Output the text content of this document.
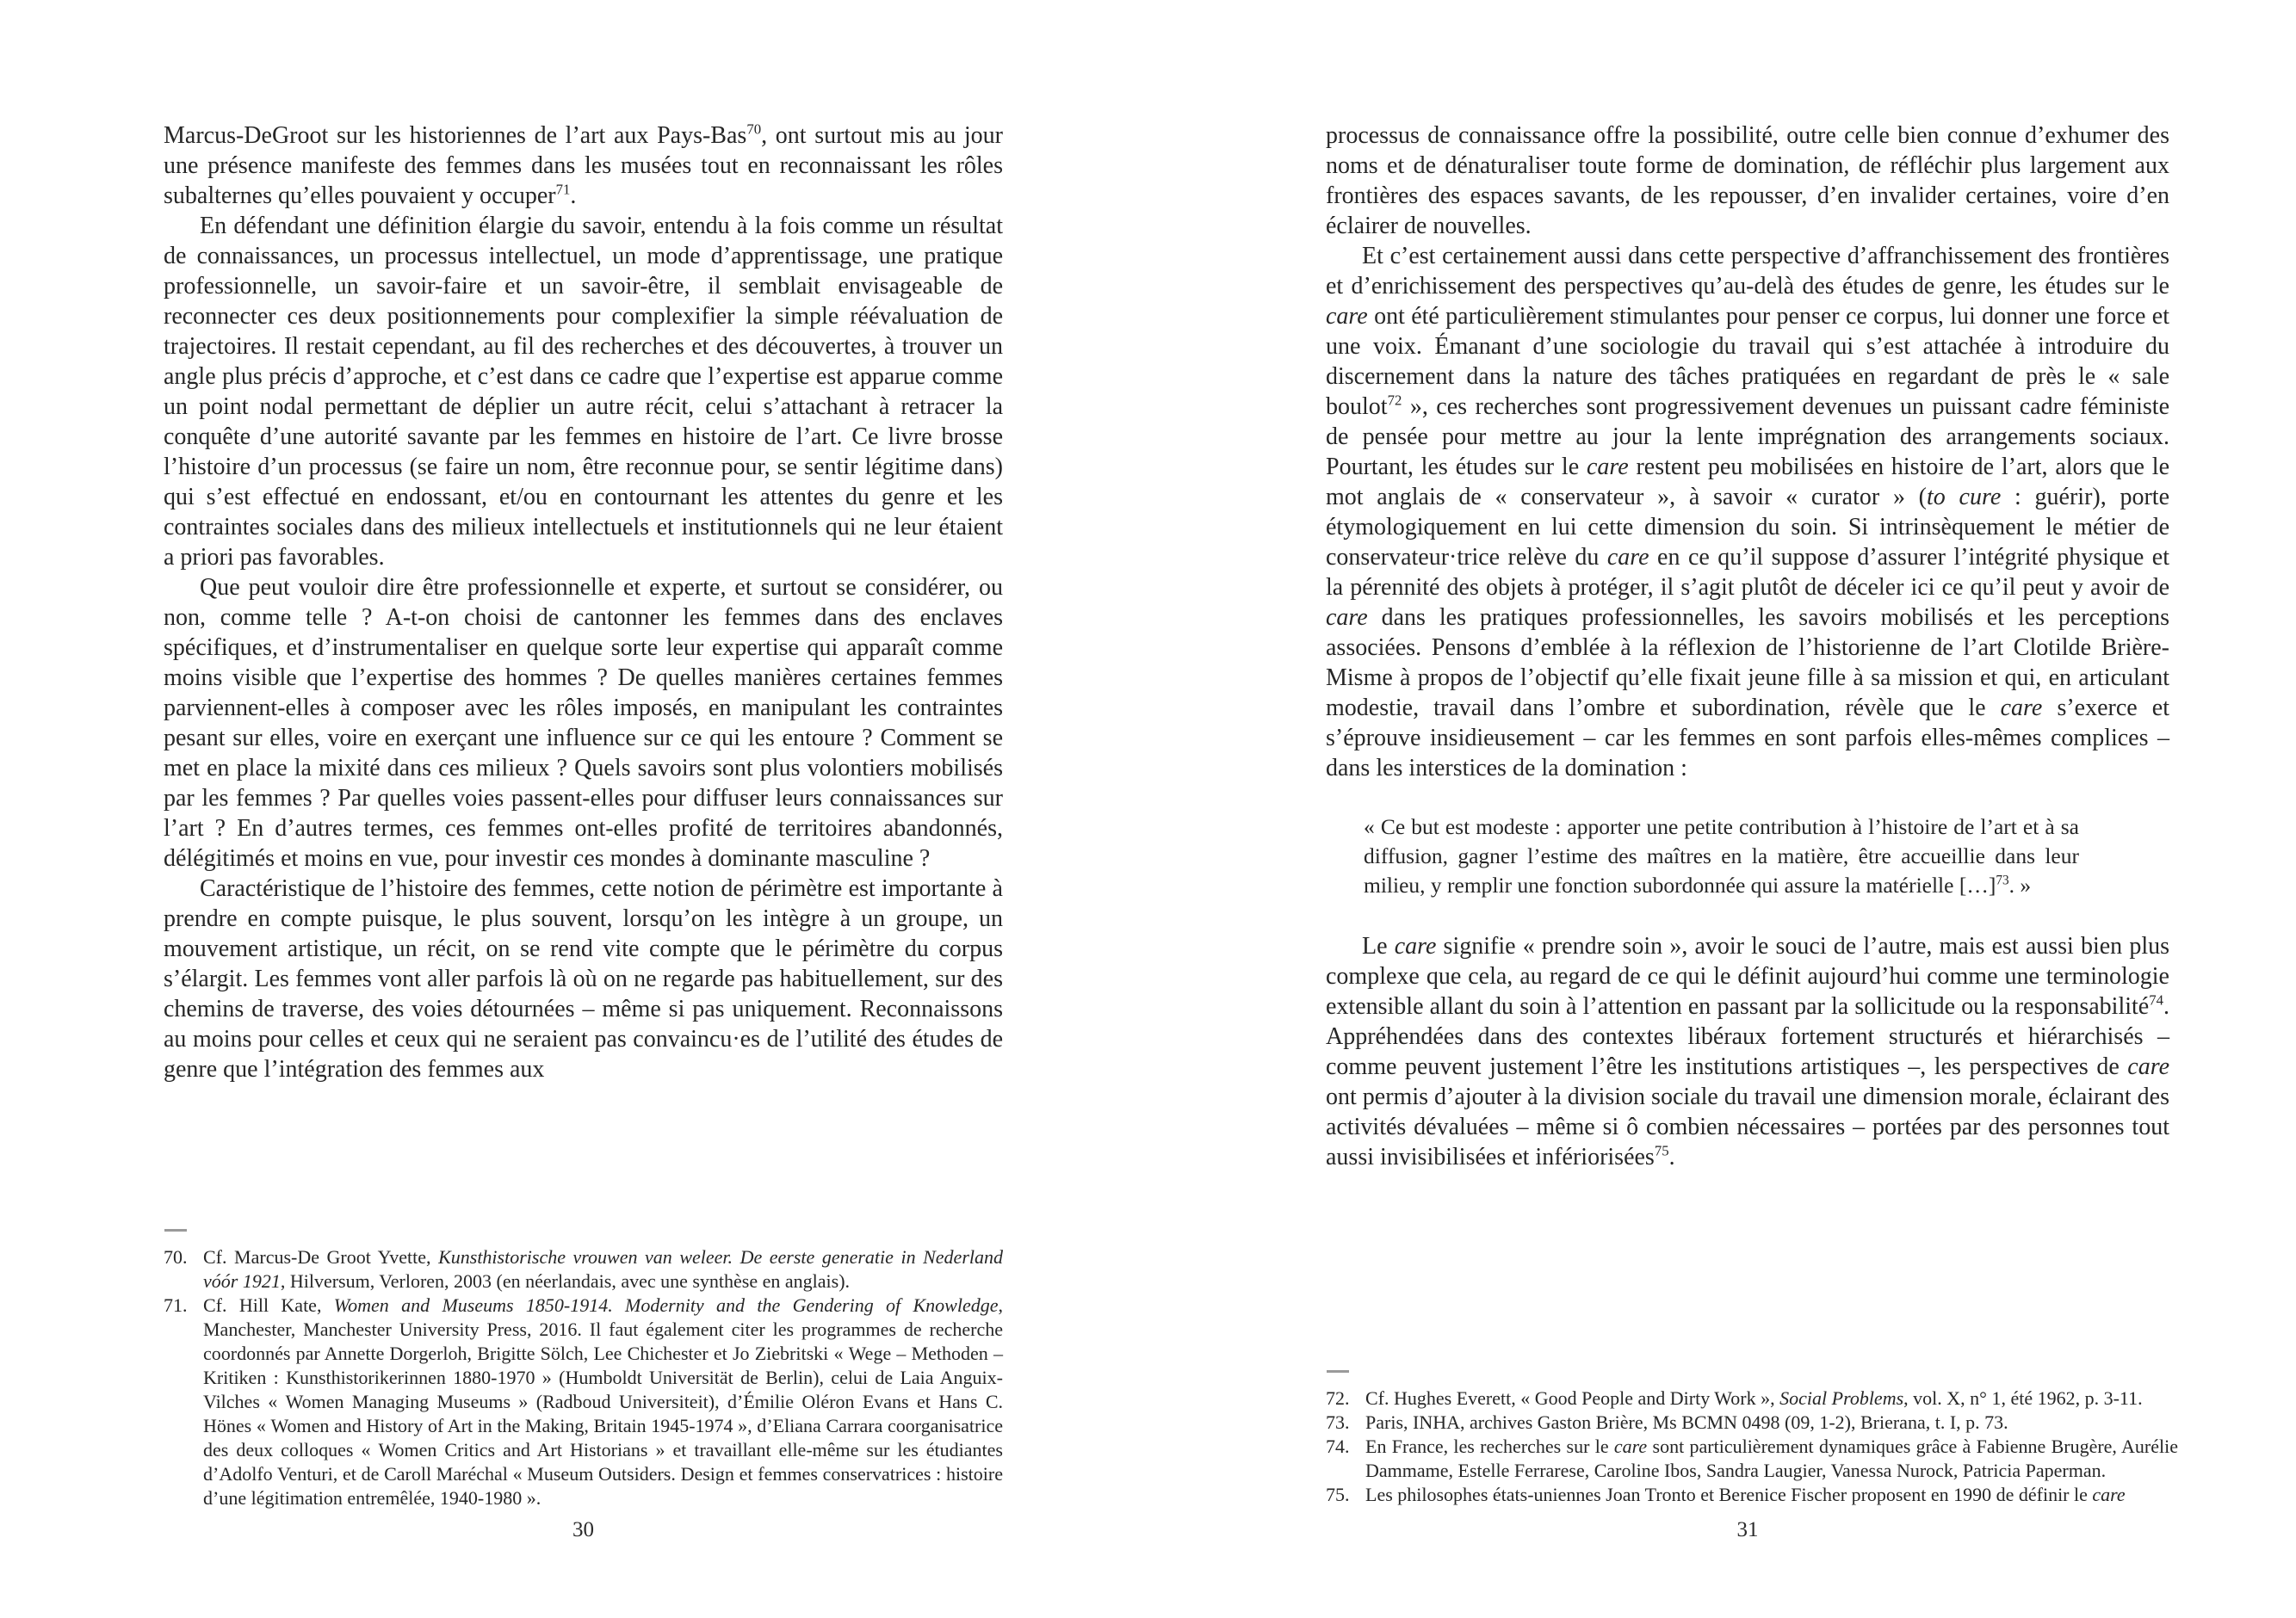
Marcus-DeGroot sur les historiennes de l’art aux Pays-Bas$^{70}$, ont surtout mis au jour une présence manifeste des femmes dans les musées tout en reconnaissant les rôles subalternes qu’elles pouvaient y occuper$^{71}$.

En défendant une définition élargie du savoir, entendu à la fois comme un résultat de connaissances, un processus intellectuel, un mode d’apprentissage, une pratique professionnelle, un savoir-faire et un savoir-être, il semblait envisageable de reconnecter ces deux positionnements pour complexifier la simple réévaluation de trajectoires. Il restait cependant, au fil des recherches et des découvertes, à trouver un angle plus précis d’approche, et c’est dans ce cadre que l’expertise est apparue comme un point nodal permettant de déplier un autre récit, celui s’attachant à retracer la conquête d’une autorité savante par les femmes en histoire de l’art. Ce livre brosse l’histoire d’un processus (se faire un nom, être reconnue pour, se sentir légitime dans) qui s’est effectué en endossant, et/ou en contournant les attentes du genre et les contraintes sociales dans des milieux intellectuels et institutionnels qui ne leur étaient a priori pas favorables.

Que peut vouloir dire être professionnelle et experte, et surtout se considérer, ou non, comme telle ? A-t-on choisi de cantonner les femmes dans des enclaves spécifiques, et d’instrumentaliser en quelque sorte leur expertise qui apparaît comme moins visible que l’expertise des hommes ? De quelles manières certaines femmes parviennent-elles à composer avec les rôles imposés, en manipulant les contraintes pesant sur elles, voire en exerçant une influence sur ce qui les entoure ? Comment se met en place la mixité dans ces milieux ? Quels savoirs sont plus volontiers mobilisés par les femmes ? Par quelles voies passent-elles pour diffuser leurs connaissances sur l’art ? En d’autres termes, ces femmes ont-elles profité de territoires abandonnés, délégitimés et moins en vue, pour investir ces mondes à dominante masculine ?

Caractéristique de l’histoire des femmes, cette notion de périmètre est importante à prendre en compte puisque, le plus souvent, lorsqu’on les intègre à un groupe, un mouvement artistique, un récit, on se rend vite compte que le périmètre du corpus s’élargit. Les femmes vont aller parfois là où on ne regarde pas habituellement, sur des chemins de traverse, des voies détournées – même si pas uniquement. Reconnaissons au moins pour celles et ceux qui ne seraient pas convaincu·es de l’utilité des études de genre que l’intégration des femmes aux

70. Cf. Marcus-De Groot Yvette, Kunsthistorische vrouwen van weleer. De eerste generatie in Nederland vóór 1921, Hilversum, Verloren, 2003 (en néerlandais, avec une synthèse en anglais).
71. Cf. Hill Kate, Women and Museums 1850-1914. Modernity and the Gendering of Knowledge, Manchester, Manchester University Press, 2016. Il faut également citer les programmes de recherche coordonnés par Annette Dorgerloh, Brigitte Sölch, Lee Chichester et Jo Ziebritski « Wege – Methoden – Kritiken : Kunsthistorikerinnen 1880-1970 » (Humboldt Universität de Berlin), celui de Laia Anguix-Vilches « Women Managing Museums » (Radboud Universiteit), d’Émilie Oléron Evans et Hans C. Hönes « Women and History of Art in the Making, Britain 1945-1974 », d’Eliana Carrara coorganisatrice des deux colloques « Women Critics and Art Historians » et travaillant elle-même sur les étudiantes d’Adolfo Venturi, et de Caroll Maréchal « Museum Outsiders. Design et femmes conservatrices : histoire d’une légitimation entremêlée, 1940-1980 ».
30

processus de connaissance offre la possibilité, outre celle bien connue d’exhumer des noms et de dénaturaliser toute forme de domination, de réfléchir plus largement aux frontières des espaces savants, de les repousser, d’en invalider certaines, voire d’en éclairer de nouvelles.

Et c’est certainement aussi dans cette perspective d’affranchissement des frontières et d’enrichissement des perspectives qu’au-delà des études de genre, les études sur le care ont été particulièrement stimulantes pour penser ce corpus, lui donner une force et une voix. Émanant d’une sociologie du travail qui s’est attachée à introduire du discernement dans la nature des tâches pratiquées en regardant de près le « sale boulot$^{72}$ », ces recherches sont progressivement devenues un puissant cadre féministe de pensée pour mettre au jour la lente imprégnation des arrangements sociaux. Pourtant, les études sur le care restent peu mobilisées en histoire de l’art, alors que le mot anglais de « conservateur », à savoir « curator » (to cure : guérir), porte étymologiquement en lui cette dimension du soin. Si intrinsèquement le métier de conservateur·trice relève du care en ce qu’il suppose d’assurer l’intégrité physique et la pérennité des objets à protéger, il s’agit plutôt de déceler ici ce qu’il peut y avoir de care dans les pratiques professionnelles, les savoirs mobilisés et les perceptions associées. Pensons d’emblée à la réflexion de l’historienne de l’art Clotilde Brière-Misme à propos de l’objectif qu’elle fixait jeune fille à sa mission et qui, en articulant modestie, travail dans l’ombre et subordination, révèle que le care s’exerce et s’éprouve insidieusement – car les femmes en sont parfois elles-mêmes complices – dans les interstices de la domination :

« Ce but est modeste : apporter une petite contribution à l’histoire de l’art et à sa diffusion, gagner l’estime des maîtres en la matière, être accueillie dans leur milieu, y remplir une fonction subordonnée qui assure la matérielle […]$^{73}$. »

Le care signifie « prendre soin », avoir le souci de l’autre, mais est aussi bien plus complexe que cela, au regard de ce qui le définit aujourd’hui comme une terminologie extensible allant du soin à l’attention en passant par la sollicitude ou la responsabilité$^{74}$. Appréhendées dans des contextes libéraux fortement structurés et hiérarchisés – comme peuvent justement l’être les institutions artistiques –, les perspectives de care ont permis d’ajouter à la division sociale du travail une dimension morale, éclairant des activités dévaluées – même si ô combien nécessaires – portées par des personnes tout aussi invisibilisées et infériorisées$^{75}$.

72. Cf. Hughes Everett, « Good People and Dirty Work », Social Problems, vol. X, n° 1, été 1962, p. 3-11.
73. Paris, INHA, archives Gaston Brière, Ms BCMN 0498 (09, 1-2), Brierana, t. I, p. 73.
74. En France, les recherches sur le care sont particulièrement dynamiques grâce à Fabienne Brugère, Aurélie Dammame, Estelle Ferrarese, Caroline Ibos, Sandra Laugier, Vanessa Nurock, Patricia Paperman.
75. Les philosophes états-uniennes Joan Tronto et Berenice Fischer proposent en 1990 de définir le care
31
